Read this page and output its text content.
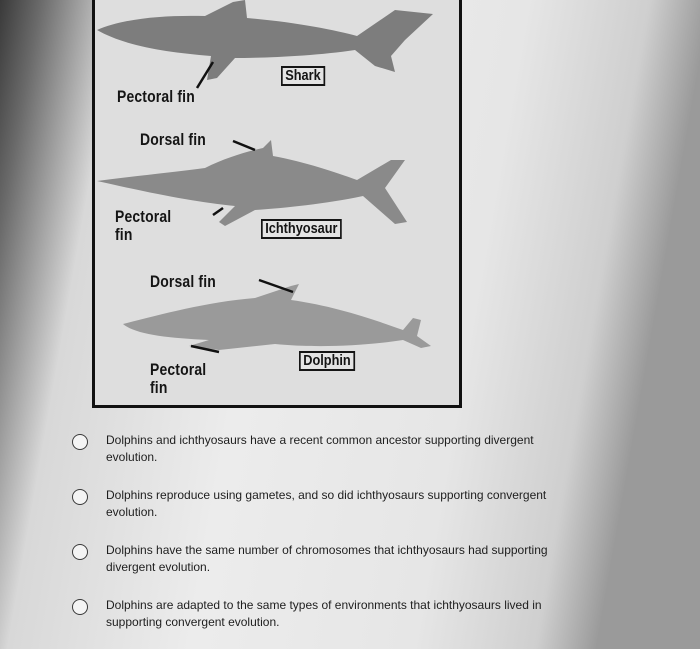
Pectoral fin
Shark
Dorsal fin
Pectoral
fin	Ichthyosaur
Dorsal fin
Pectoral
fin
Dolphin
Dolphins and ichthyosaurs have a recent common ancestor supporting divergent
evolution.
Dolphins reproduce using gametes, and so did ichthyosaurs supporting convergent
evolution.
Dolphins have the same number of chromosomes that ichthyosaurs had supporting
divergent evolution.
Dolphins are adapted to the same types of environments that ichthyosaurs lived in
supporting convergent evolution.
